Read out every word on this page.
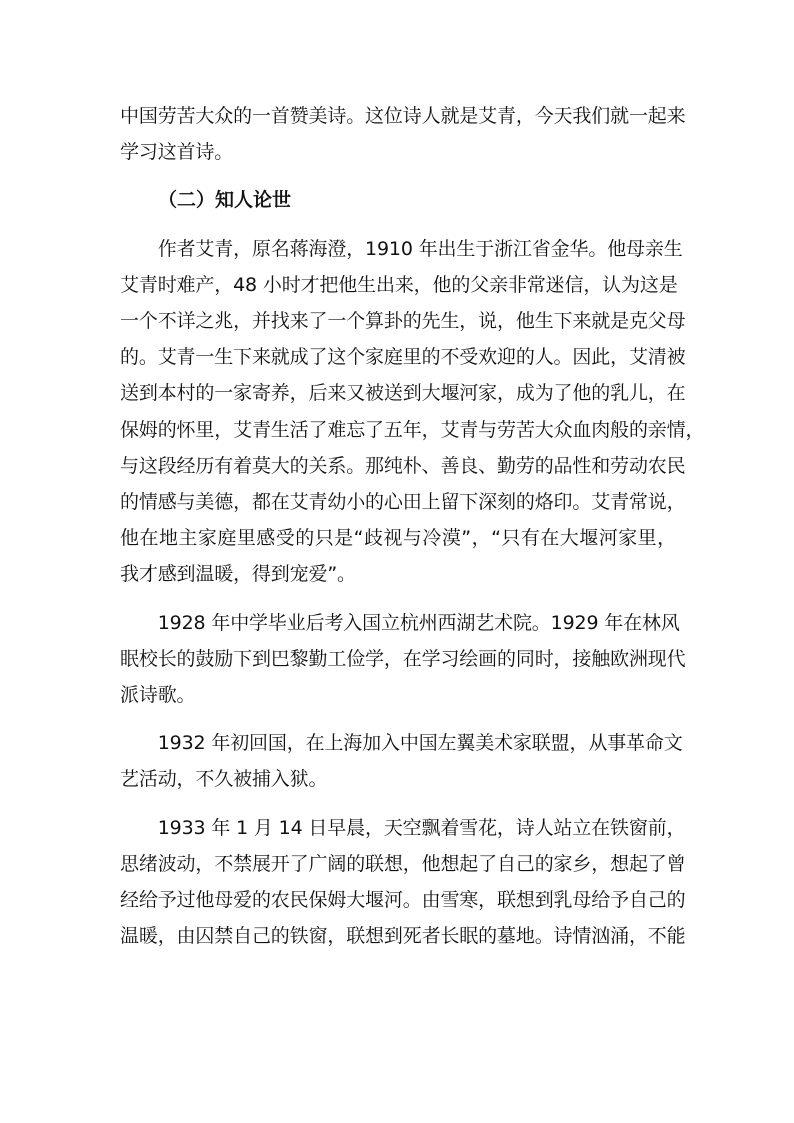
中国劳苦大众的一首赞美诗。这位诗人就是艾青，今天我们就一起来
学习这首诗。
（二）知人论世
　　作者艾青，原名蒋海澄，1910 年出生于浙江省金华。他母亲生
艾青时难产，48 小时才把他生出来，他的父亲非常迷信，认为这是
一个不详之兆，并找来了一个算卦的先生，说，他生下来就是克父母
的。艾青一生下来就成了这个家庭里的不受欢迎的人。因此，艾清被
送到本村的一家寄养，后来又被送到大堰河家，成为了他的乳儿，在
保姆的怀里，艾青生活了难忘了五年，艾青与劳苦大众血肉般的亲情，
与这段经历有着莫大的关系。那纯朴、善良、勤劳的品性和劳动农民
的情感与美德，都在艾青幼小的心田上留下深刻的烙印。艾青常说，
他在地主家庭里感受的只是“歧视与冷漠”，“只有在大堰河家里，
我才感到温暖，得到宠爱”。
　　1928 年中学毕业后考入国立杭州西湖艺术院。1929 年在林风
眠校长的鼓励下到巴黎勤工俭学，在学习绘画的同时，接触欧洲现代
派诗歌。
　　1932 年初回国，在上海加入中国左翼美术家联盟，从事革命文
艺活动，不久被捕入狱。
　　1933 年 1 月 14 日早晨，天空飘着雪花，诗人站立在铁窗前，
思绪波动，不禁展开了广阔的联想，他想起了自己的家乡，想起了曾
经给予过他母爱的农民保姆大堰河。由雪寒，联想到乳母给予自己的
温暖，由囚禁自己的铁窗，联想到死者长眠的墓地。诗情汹涌，不能
